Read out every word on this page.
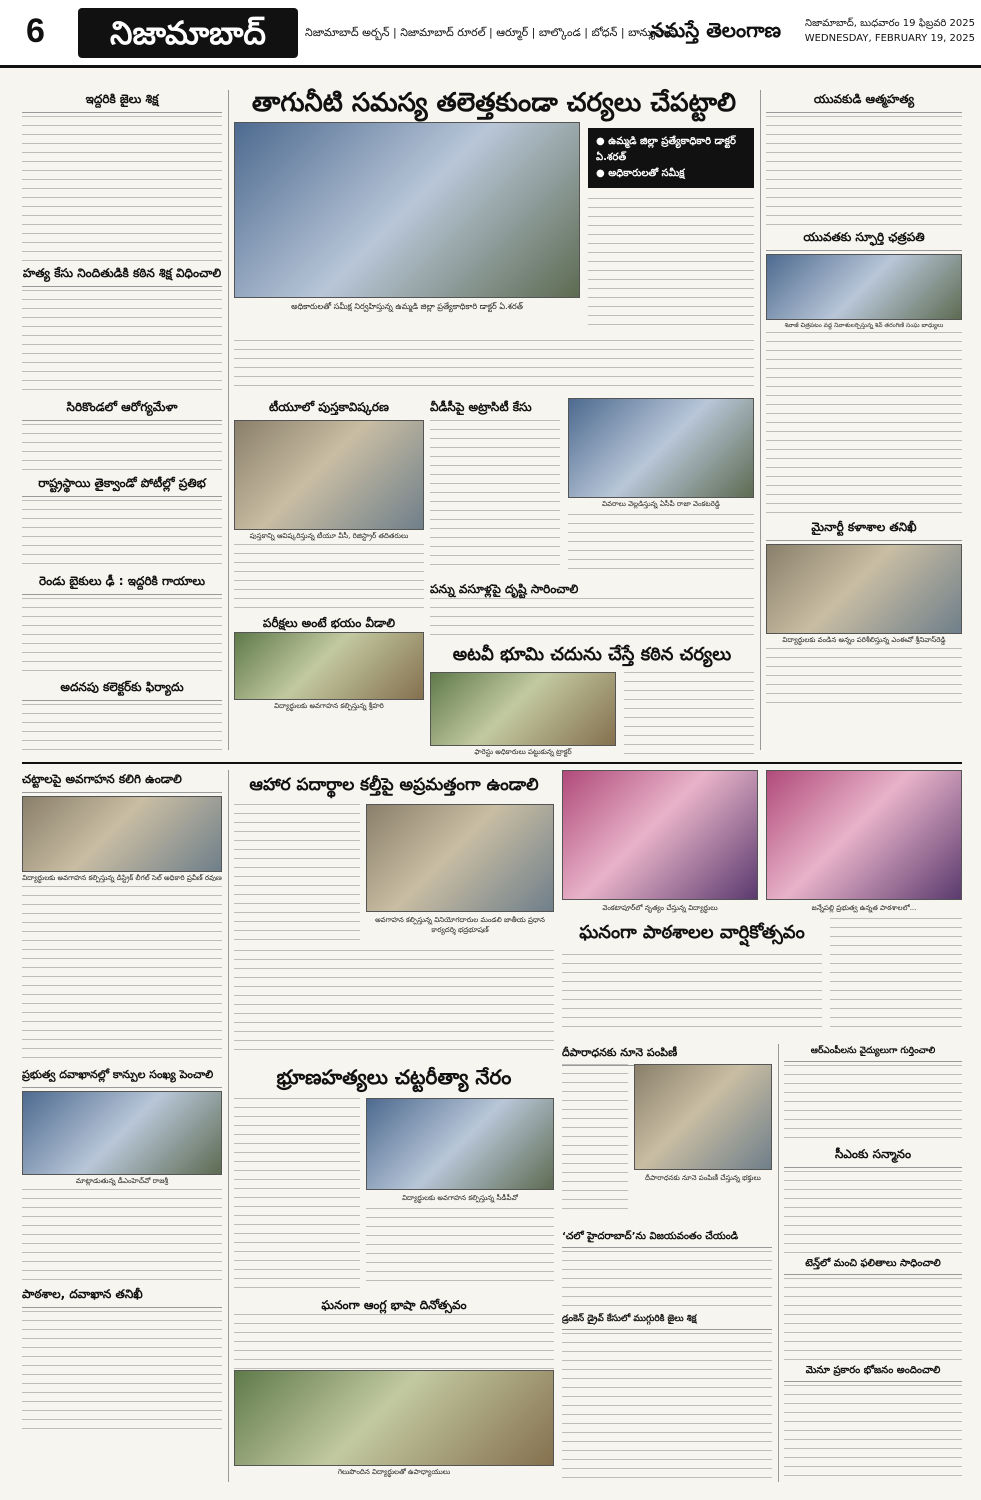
6	నిజామాబాద్	నిజామాబాద్ అర్బన్ | నిజామాబాద్ రూరల్ | ఆర్మూర్ | బాల్కొండ | బోధన్ | బాన్సువాడ
నమస్తే తెలంగాణ	నిజామాబాద్, బుధవారం 19 ఫిబ్రవరి 2025
WEDNESDAY, FEBRUARY 19, 2025
ఇద్దరికి జైలు శిక్ష
హత్య కేసు నిందితుడికి కఠిన శిక్ష విధించాలి
సిరికొండలో ఆరోగ్యమేళా
రాష్ట్రస్థాయి తైక్వాండో పోటీల్లో ప్రతిభ
రెండు బైకులు ఢీ : ఇద్దరికి గాయాలు
అదనపు కలెక్టర్‌కు ఫిర్యాదు
తాగునీటి సమస్య తలెత్తకుండా చర్యలు చేపట్టాలి
అధికారులతో సమీక్ష నిర్వహిస్తున్న ఉమ్మడి జిల్లా ప్రత్యేకాధికారి డాక్టర్ ఏ.శరత్
● ఉమ్మడి జిల్లా ప్రత్యేకాధికారి డాక్టర్ ఏ.శరత్
● అధికారులతో సమీక్ష
టీయూలో పుస్తకావిష్కరణ
పుస్తకాన్ని ఆవిష్కరిస్తున్న టీయూ వీసీ, రిజిస్ట్రార్ తదితరులు
పరీక్షలు అంటే భయం వీడాలి
విద్యార్థులకు అవగాహన కల్పిస్తున్న శ్రీహరి
వీడీసీపై అట్రాసిటీ కేసు
వివరాలు వెల్లడిస్తున్న ఏసీపీ రాజా వెంకటరెడ్డి
పన్ను వసూళ్లపై దృష్టి సారించాలి
అటవీ భూమి చదును చేస్తే కఠిన చర్యలు
ఫారెస్టు అధికారులు పట్టుకున్న ట్రాక్టర్
యువకుడి ఆత్మహత్య
యువతకు స్ఫూర్తి ఛత్రపతి
శివాజీ చిత్రపటం వద్ద నివాళులర్పిస్తున్న శివ్ తరంగిణి సంఘ బాధ్యులు
మైనార్టీ కళాశాల తనిఖీ
విద్యార్థులకు వండిన అన్నం పరిశీలిస్తున్న ఎంఈవో శ్రీనివాస్‌రెడ్డి
చట్టాలపై అవగాహన కలిగి ఉండాలి
విద్యార్థులకు అవగాహన కల్పిస్తున్న డిస్ట్రిక్ లీగల్ సెల్ అధికారి ప్రవీణ్ రవుణ
ప్రభుత్వ దవాఖానల్లో కాన్పుల సంఖ్య పెంచాలి
మాట్లాడుతున్న డీఎంహెచ్‌వో రాజశ్రీ
పాఠశాల, దవాఖాన తనిఖీ
ఆహార పదార్థాల కల్తీపై అప్రమత్తంగా ఉండాలి
అవగాహన కల్పిస్తున్న వినియోగదారుల మండలి జాతీయ ప్రధాన కార్యదర్శి భద్రభూషణ్
భ్రూణహత్యలు చట్టరీత్యా నేరం
విద్యార్థులకు అవగాహన కల్పిస్తున్న సీడీపీవో
ఘనంగా ఆంగ్ల భాషా దినోత్సవం
గెలుపొందిన విద్యార్థులతో ఉపాధ్యాయులు
వెంకటాపూర్‌లో నృత్యం చేస్తున్న విద్యార్థులు	జన్నేపల్లి ప్రభుత్వ ఉన్నత పాఠశాలలో...
ఘనంగా పాఠశాలల వార్షికోత్సవం
దీపారాధనకు నూనె పంపిణీ
దీపారాధనకు నూనె పంపిణీ చేస్తున్న భక్తులు
‘చలో హైదరాబాద్’ను విజయవంతం చేయండి
డ్రంకెన్ డ్రైవ్ కేసులో ముగ్గురికి జైలు శిక్ష
ఆర్‌ఎంపీలను వైద్యులుగా గుర్తించాలి
సీఎంకు సన్మానం
టెన్త్‌లో మంచి ఫలితాలు సాధించాలి
మెనూ ప్రకారం భోజనం అందించాలి
